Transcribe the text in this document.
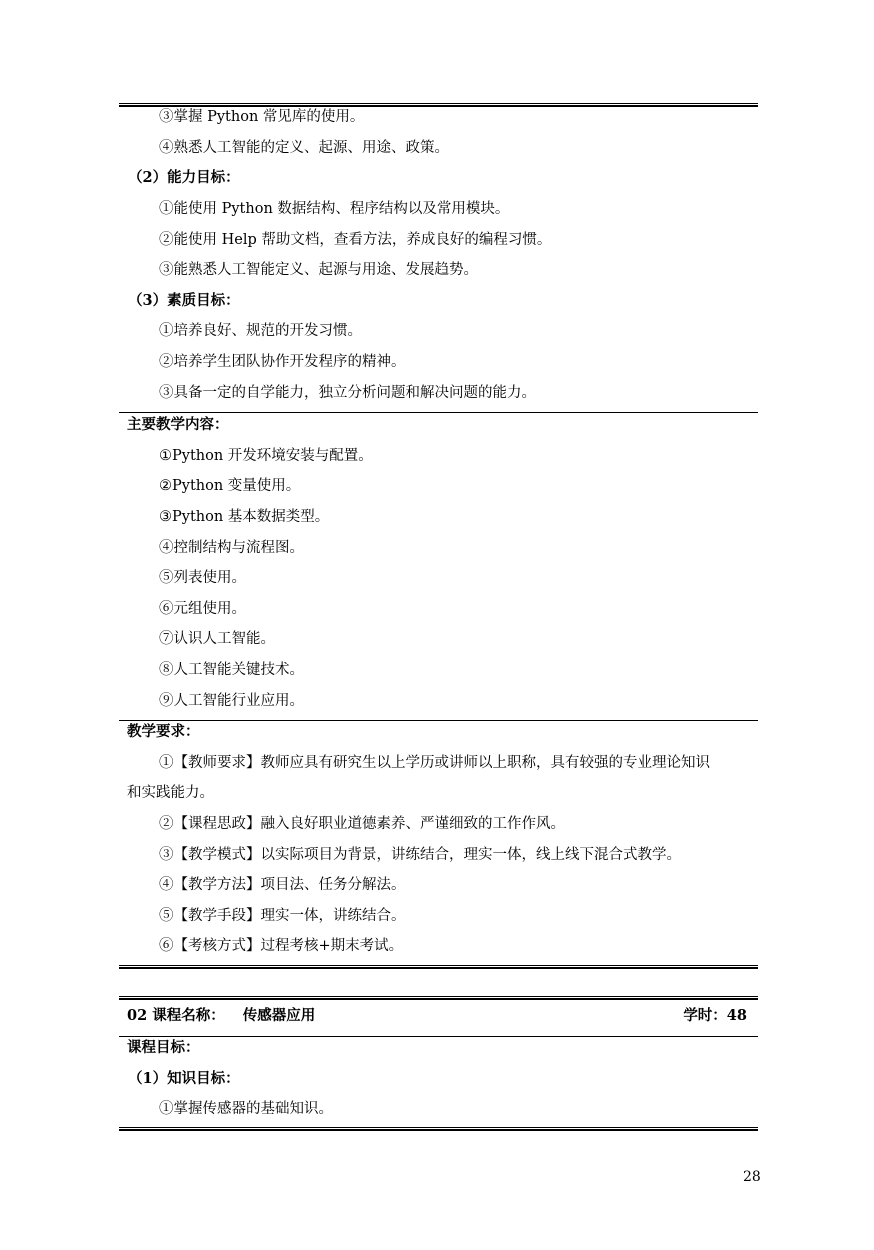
③掌握 Python 常见库的使用。
④熟悉人工智能的定义、起源、用途、政策。
（2）能力目标：
①能使用 Python 数据结构、程序结构以及常用模块。
②能使用 Help 帮助文档，查看方法，养成良好的编程习惯。
③能熟悉人工智能定义、起源与用途、发展趋势。
（3）素质目标：
①培养良好、规范的开发习惯。
②培养学生团队协作开发程序的精神。
③具备一定的自学能力，独立分析问题和解决问题的能力。
主要教学内容：
①Python 开发环境安装与配置。
②Python 变量使用。
③Python 基本数据类型。
④控制结构与流程图。
⑤列表使用。
⑥元组使用。
⑦认识人工智能。
⑧人工智能关键技术。
⑨人工智能行业应用。
教学要求：
①【教师要求】教师应具有研究生以上学历或讲师以上职称，具有较强的专业理论知识
和实践能力。
②【课程思政】融入良好职业道德素养、严谨细致的工作作风。
③【教学模式】以实际项目为背景，讲练结合，理实一体，线上线下混合式教学。
④【教学方法】项目法、任务分解法。
⑤【教学手段】理实一体，讲练结合。
⑥【考核方式】过程考核+期末考试。
02 课程名称： 传感器应用	学时：48
课程目标：
（1）知识目标：
①掌握传感器的基础知识。
28
